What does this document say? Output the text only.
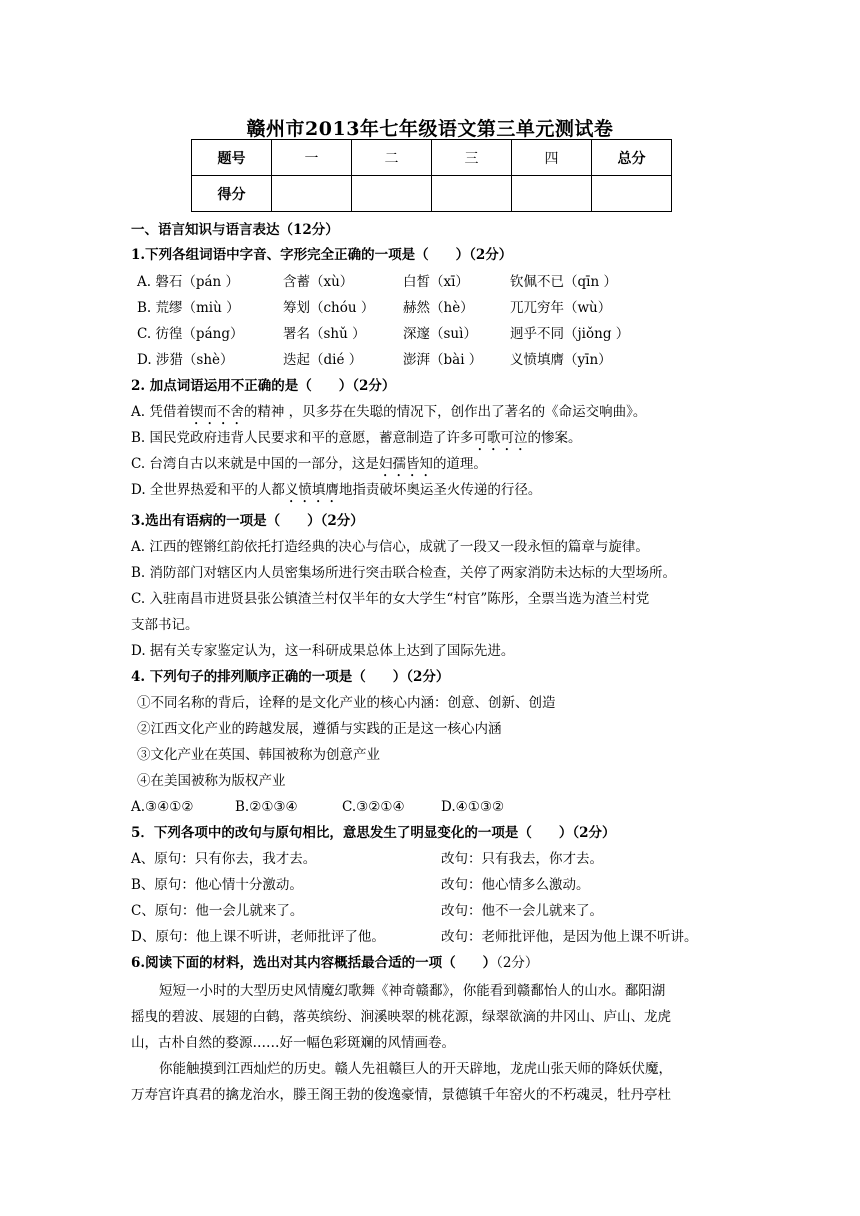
赣州市2013年七年级语文第三单元测试卷
题号	一	二	三	四	总分
得分					
一、语言知识与语言表达（12分）
1.下列各组词语中字音、字形完全正确的一项是（　　）（2分）
A. 磐石（pán ）	含蓄（xù）	白皙（xī）	钦佩不已（qīn ）
B. 荒缪（miù ）	筹划（chóu ） 赫然（hè）	兀兀穷年（wù）
C. 彷徨（páng）	署名（shǔ ）	深邃（suì） 迥乎不同（jiǒng ）
D. 涉猎（shè）	迭起（dié ）	澎湃（bài ） 义愤填膺（yīn）
2. 加点词语运用不正确的是（　　）（2分）
A. 凭借着锲而不舍的精神 ，贝多芬在失聪的情况下，创作出了著名的《命运交响曲》。
B. 国民党政府违背人民要求和平的意愿，蓄意制造了许多可歌可泣的惨案。
C. 台湾自古以来就是中国的一部分，这是妇孺皆知的道理。
D. 全世界热爱和平的人都义愤填膺地指责破坏奥运圣火传递的行径。
3.选出有语病的一项是（　　）（2分）
A. 江西的铿锵红韵依托打造经典的决心与信心，成就了一段又一段永恒的篇章与旋律。
B. 消防部门对辖区内人员密集场所进行突击联合检查，关停了两家消防未达标的大型场所。
C. 入驻南昌市进贤县张公镇渣兰村仅半年的女大学生“村官”陈彤，全票当选为渣兰村党
支部书记。
D. 据有关专家鉴定认为，这一科研成果总体上达到了国际先进。
4. 下列句子的排列顺序正确的一项是（　　）（2分）
①不同名称的背后，诠释的是文化产业的核心内涵：创意、创新、创造
②江西文化产业的跨越发展，遵循与实践的正是这一核心内涵
③文化产业在英国、韩国被称为创意产业
④在美国被称为版权产业
A.③④①②	B.②①③④	C.③②①④	D.④①③②
5．下列各项中的改句与原句相比，意思发生了明显变化的一项是（　　）（2分）
A、原句：只有你去，我才去。	改句：只有我去，你才去。
B、原句：他心情十分激动。	改句：他心情多么激动。
C、原句：他一会儿就来了。	改句：他不一会儿就来了。
D、原句：他上课不听讲，老师批评了他。	改句：老师批评他，是因为他上课不听讲。
6.阅读下面的材料，选出对其内容概括最合适的一项（　　）（2分）
短短一小时的大型历史风情魔幻歌舞《神奇赣鄱》，你能看到赣鄱怡人的山水。鄱阳湖
摇曳的碧波、展翅的白鹤，落英缤纷、涧溪映翠的桃花源，绿翠欲滴的井冈山、庐山、龙虎
山，古朴自然的婺源……好一幅色彩斑斓的风情画卷。
你能触摸到江西灿烂的历史。赣人先祖赣巨人的开天辟地，龙虎山张天师的降妖伏魔，
万寿宫许真君的擒龙治水，滕王阁王勃的俊逸豪情，景德镇千年窑火的不朽魂灵，牡丹亭杜
